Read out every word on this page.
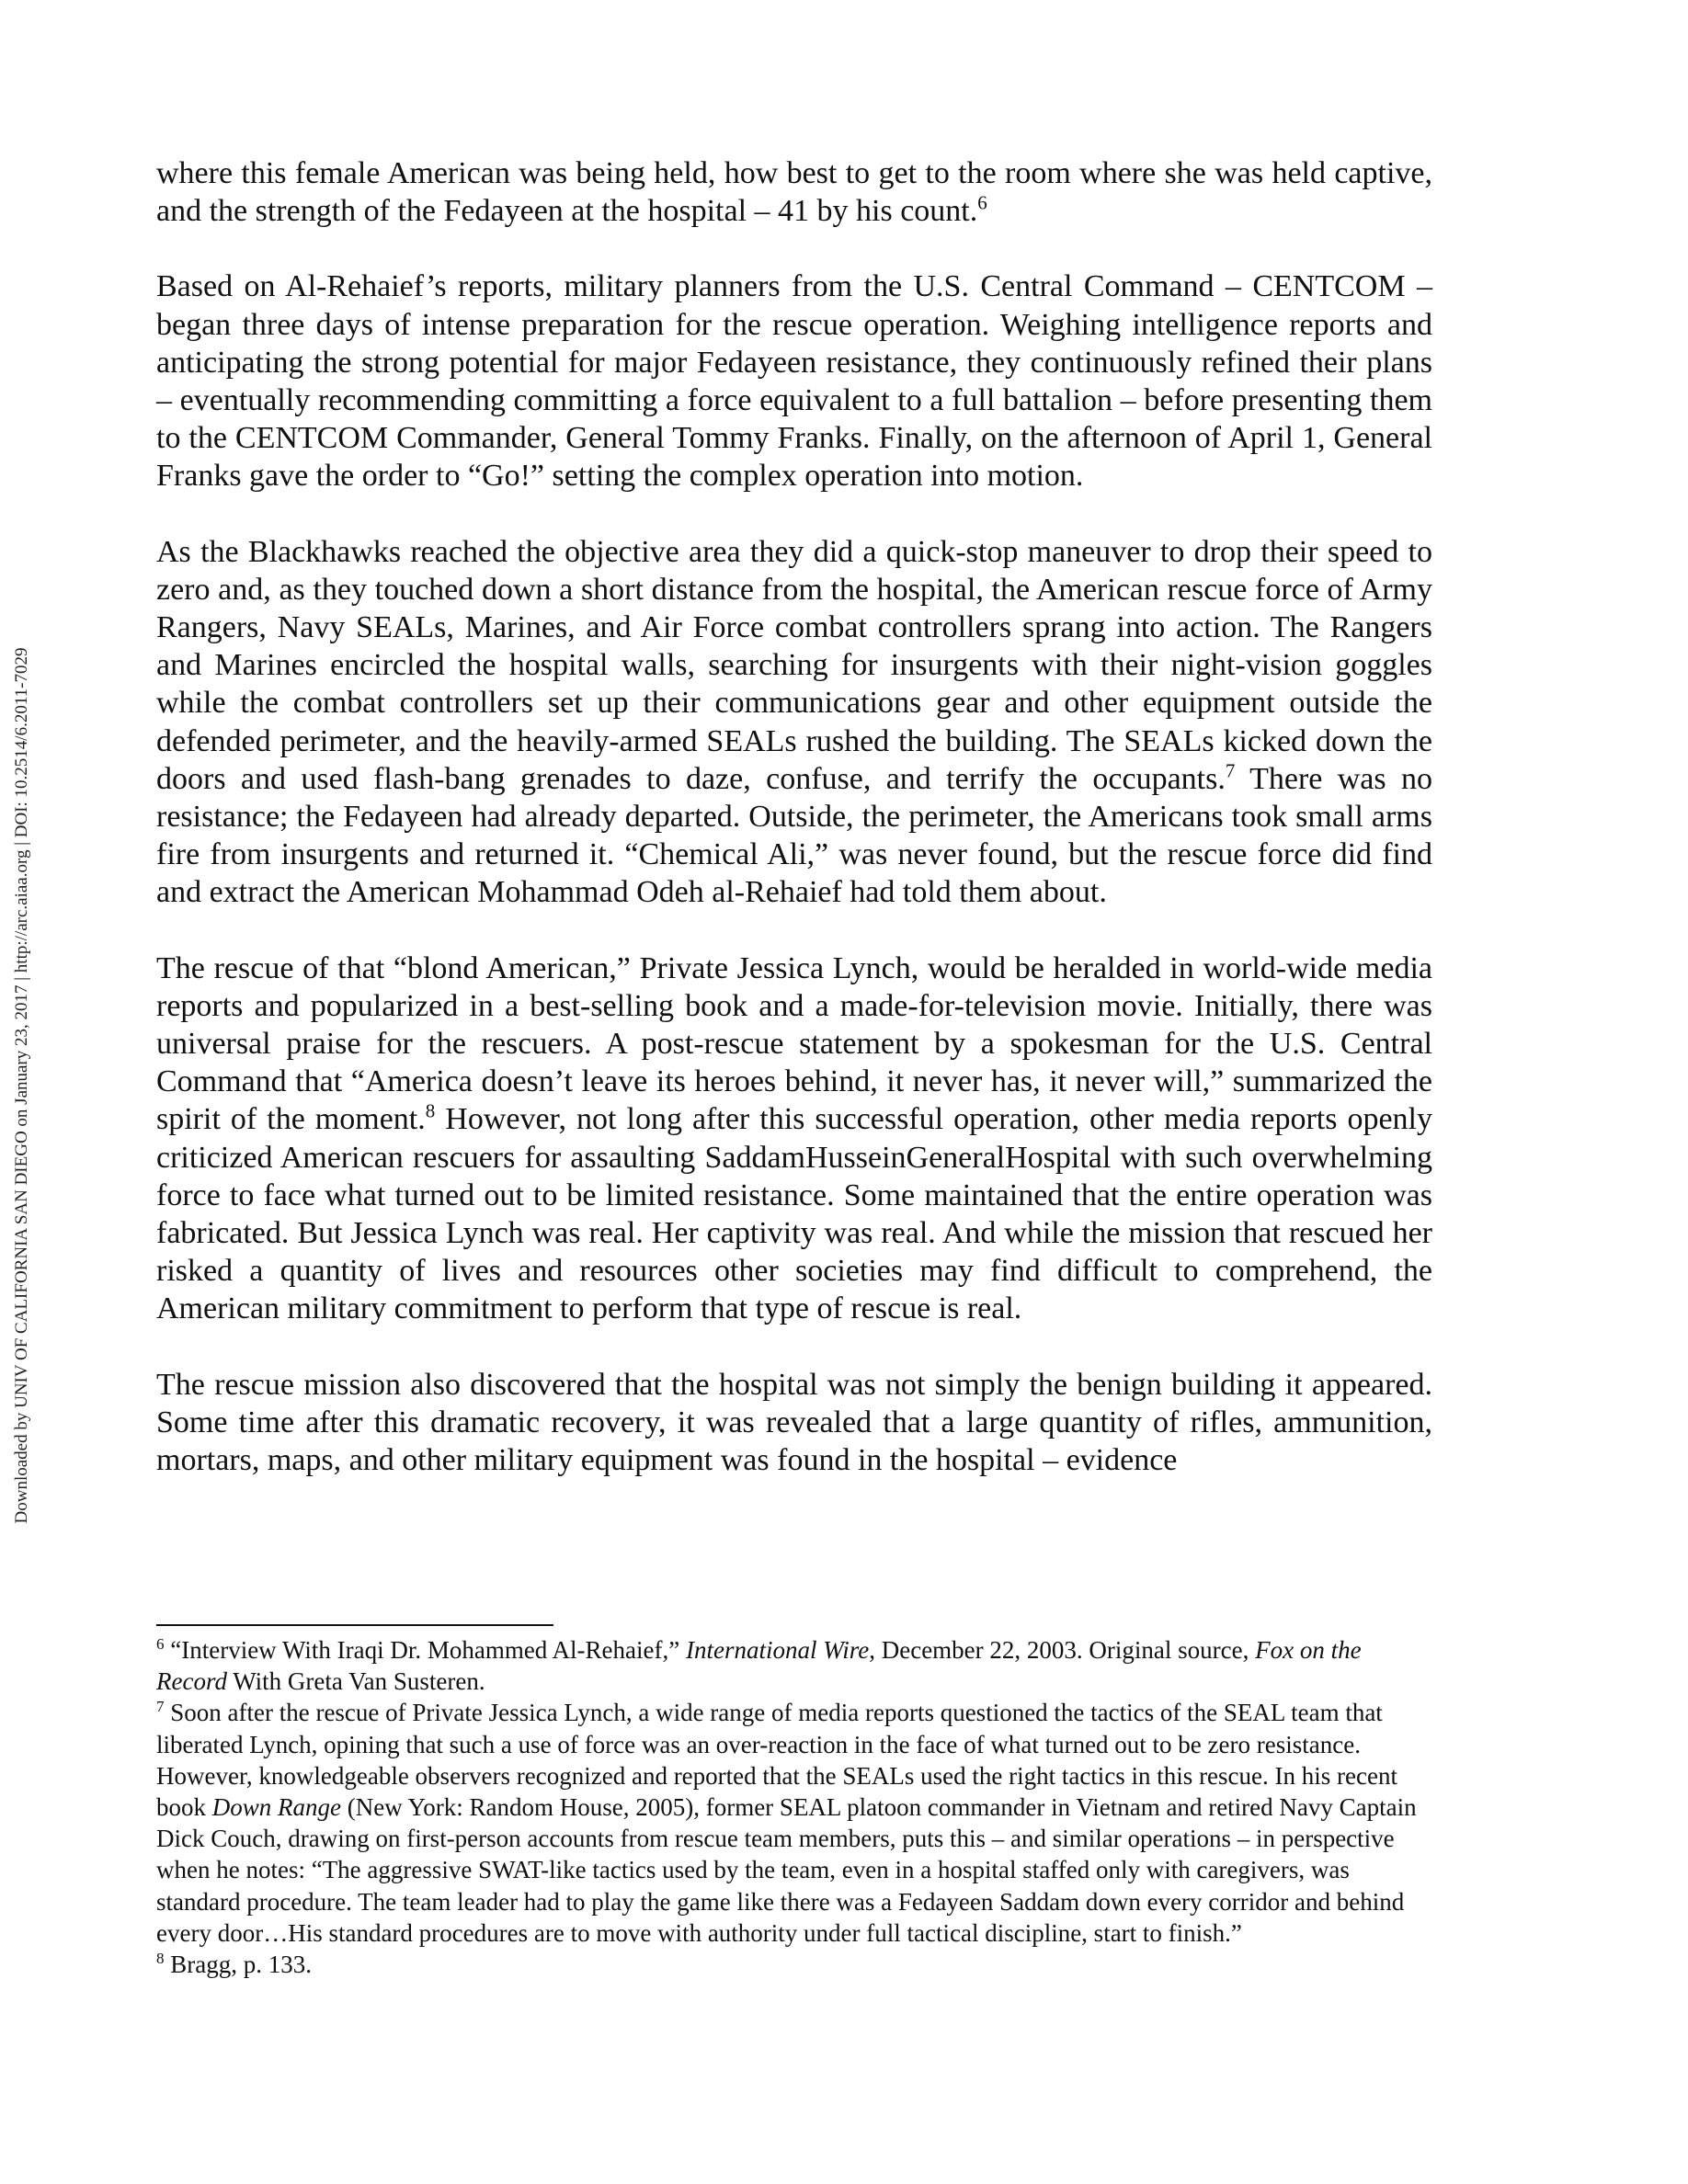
Downloaded by UNIV OF CALIFORNIA SAN DIEGO on January 23, 2017 | http://arc.aiaa.org | DOI: 10.2514/6.2011-7029

where this female American was being held, how best to get to the room where she was held captive, and the strength of the Fedayeen at the hospital – 41 by his count.$^6$

Based on Al-Rehaief’s reports, military planners from the U.S. Central Command – CENTCOM – began three days of intense preparation for the rescue operation. Weighing intelligence reports and anticipating the strong potential for major Fedayeen resistance, they continuously refined their plans – eventually recommending committing a force equivalent to a full battalion – before presenting them to the CENTCOM Commander, General Tommy Franks. Finally, on the afternoon of April 1, General Franks gave the order to “Go!” setting the complex operation into motion.

As the Blackhawks reached the objective area they did a quick-stop maneuver to drop their speed to zero and, as they touched down a short distance from the hospital, the American rescue force of Army Rangers, Navy SEALs, Marines, and Air Force combat controllers sprang into action. The Rangers and Marines encircled the hospital walls, searching for insurgents with their night-vision goggles while the combat controllers set up their communications gear and other equipment outside the defended perimeter, and the heavily-armed SEALs rushed the building. The SEALs kicked down the doors and used flash-bang grenades to daze, confuse, and terrify the occupants.$^7$ There was no resistance; the Fedayeen had already departed. Outside, the perimeter, the Americans took small arms fire from insurgents and returned it. “Chemical Ali,” was never found, but the rescue force did find and extract the American Mohammad Odeh al-Rehaief had told them about.

The rescue of that “blond American,” Private Jessica Lynch, would be heralded in world-wide media reports and popularized in a best-selling book and a made-for-television movie. Initially, there was universal praise for the rescuers. A post-rescue statement by a spokesman for the U.S. Central Command that “America doesn’t leave its heroes behind, it never has, it never will,” summarized the spirit of the moment.$^8$ However, not long after this successful operation, other media reports openly criticized American rescuers for assaulting SaddamHusseinGeneralHospital with such overwhelming force to face what turned out to be limited resistance. Some maintained that the entire operation was fabricated. But Jessica Lynch was real. Her captivity was real. And while the mission that rescued her risked a quantity of lives and resources other societies may find difficult to comprehend, the American military commitment to perform that type of rescue is real.

The rescue mission also discovered that the hospital was not simply the benign building it appeared. Some time after this dramatic recovery, it was revealed that a large quantity of rifles, ammunition, mortars, maps, and other military equipment was found in the hospital – evidence

$^6$ “Interview With Iraqi Dr. Mohammed Al-Rehaief,” International Wire, December 22, 2003. Original source, Fox on the Record With Greta Van Susteren.

$^7$ Soon after the rescue of Private Jessica Lynch, a wide range of media reports questioned the tactics of the SEAL team that liberated Lynch, opining that such a use of force was an over-reaction in the face of what turned out to be zero resistance. However, knowledgeable observers recognized and reported that the SEALs used the right tactics in this rescue. In his recent book Down Range (New York: Random House, 2005), former SEAL platoon commander in Vietnam and retired Navy Captain Dick Couch, drawing on first-person accounts from rescue team members, puts this – and similar operations – in perspective when he notes: “The aggressive SWAT-like tactics used by the team, even in a hospital staffed only with caregivers, was standard procedure. The team leader had to play the game like there was a Fedayeen Saddam down every corridor and behind every door…His standard procedures are to move with authority under full tactical discipline, start to finish.”

$^8$ Bragg, p. 133.
